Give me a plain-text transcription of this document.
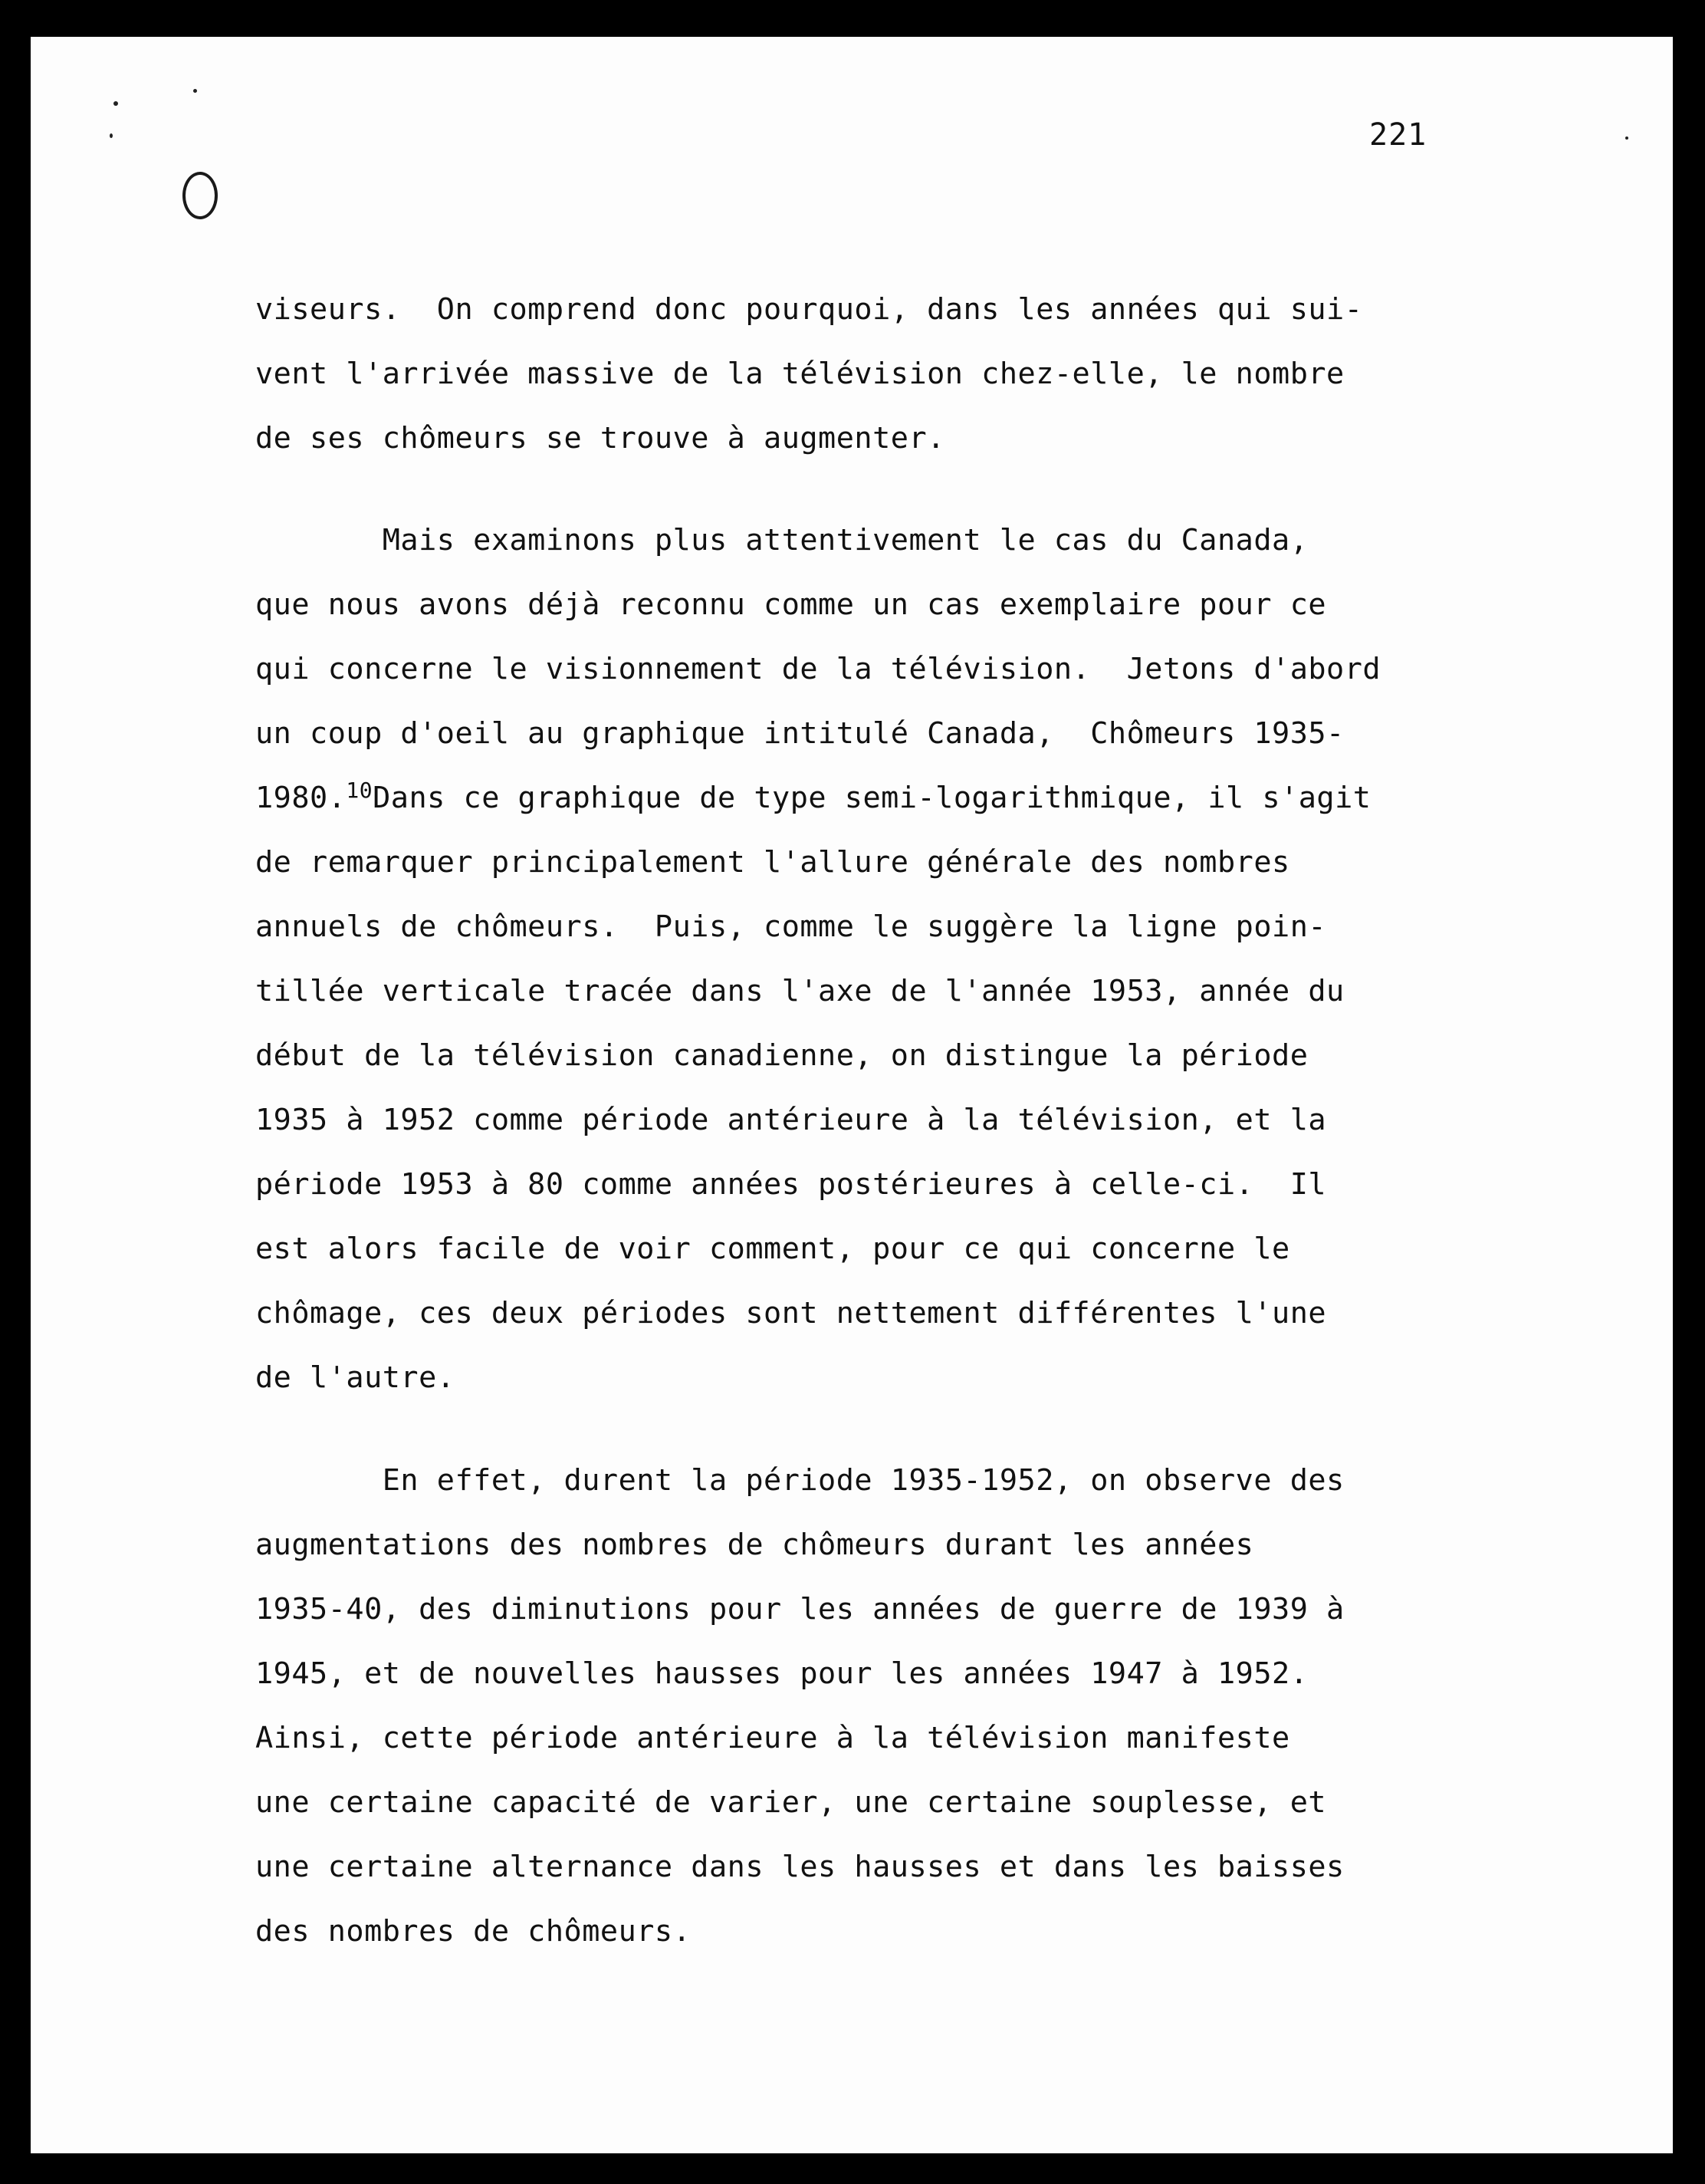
221
viseurs.  On comprend donc pourquoi, dans les années qui sui-
vent l'arrivée massive de la télévision chez-elle, le nombre
de ses chômeurs se trouve à augmenter.
Mais examinons plus attentivement le cas du Canada,
que nous avons déjà reconnu comme un cas exemplaire pour ce
qui concerne le visionnement de la télévision.  Jetons d'abord
un coup d'oeil au graphique intitulé Canada,  Chômeurs 1935-
1980.10Dans ce graphique de type semi-logarithmique, il s'agit
de remarquer principalement l'allure générale des nombres
annuels de chômeurs.  Puis, comme le suggère la ligne poin-
tillée verticale tracée dans l'axe de l'année 1953, année du
début de la télévision canadienne, on distingue la période
1935 à 1952 comme période antérieure à la télévision, et la
période 1953 à 80 comme années postérieures à celle-ci.  Il
est alors facile de voir comment, pour ce qui concerne le
chômage, ces deux périodes sont nettement différentes l'une
de l'autre.
En effet, durent la période 1935-1952, on observe des
augmentations des nombres de chômeurs durant les années
1935-40, des diminutions pour les années de guerre de 1939 à
1945, et de nouvelles hausses pour les années 1947 à 1952.
Ainsi, cette période antérieure à la télévision manifeste
une certaine capacité de varier, une certaine souplesse, et
une certaine alternance dans les hausses et dans les baisses
des nombres de chômeurs.
